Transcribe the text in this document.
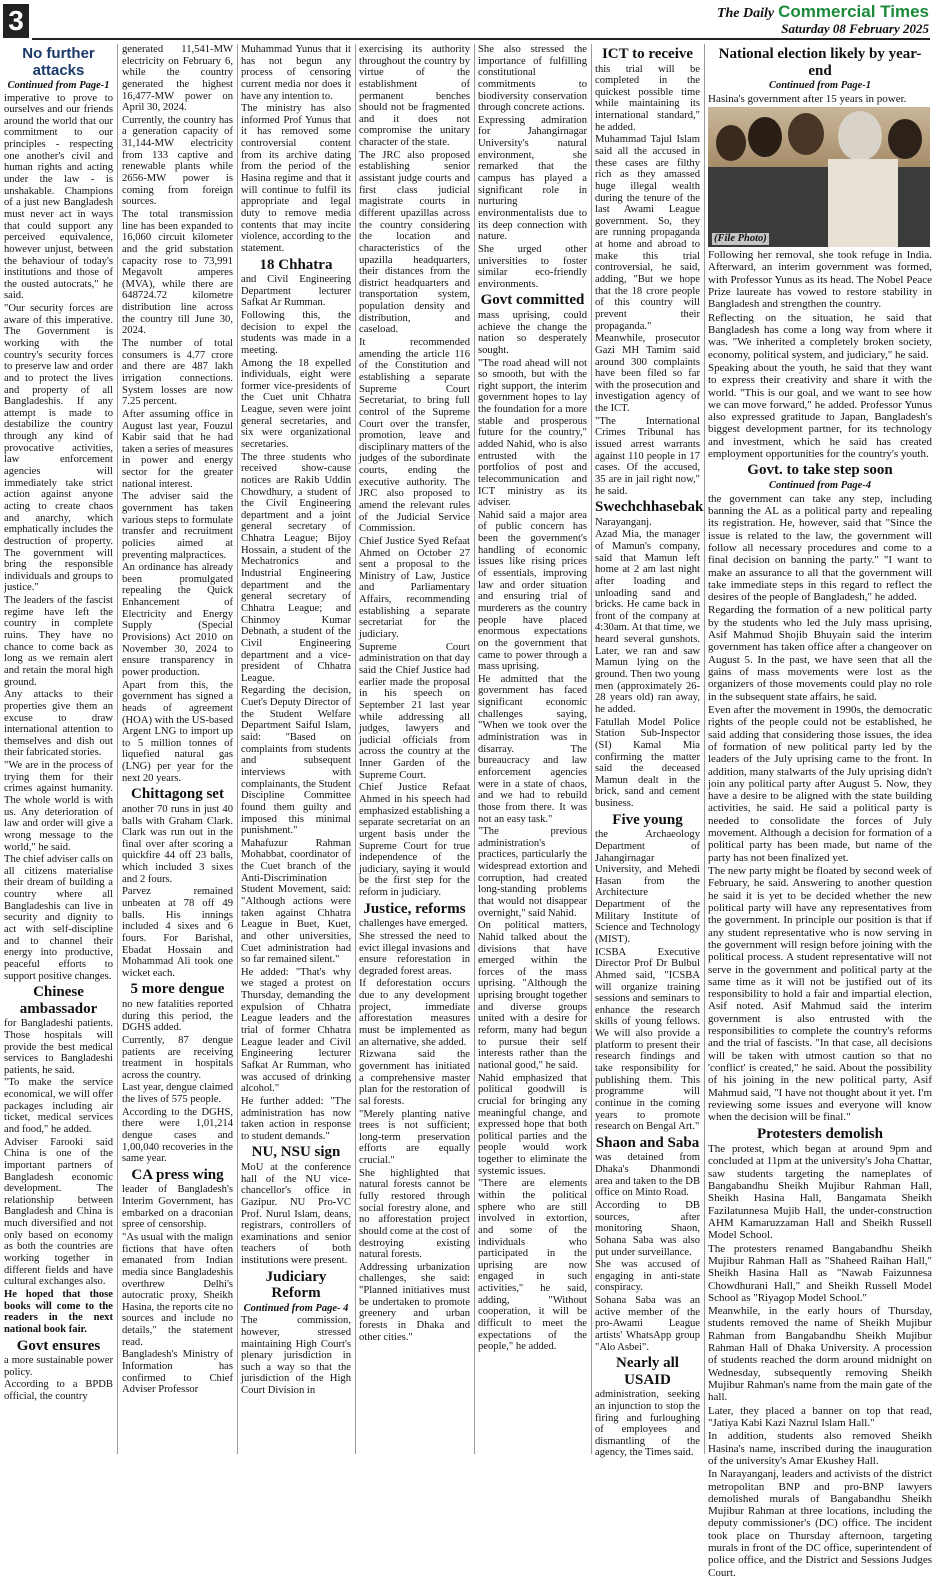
3	The Daily Commercial Times
Saturday 08 February 2025
No further attacks
Continued from Page-1

imperative to prove to ourselves and our friends around the world that our commitment to our principles - respecting one another's civil and human rights and acting under the law - is unshakable. Champions of a just new Bangladesh must never act in ways that could support any perceived equivalence, however unjust, between the behaviour of today's institutions and those of the ousted autocrats," he said.

"Our security forces are aware of this imperative. The Government is working with the country's security forces to preserve law and order and to protect the lives and property of all Bangladeshis. If any attempt is made to destabilize the country through any kind of provocative activities, law enforcement agencies will immediately take strict action against anyone acting to create chaos and anarchy, which emphatically includes the destruction of property. The government will bring the responsible individuals and groups to justice."

The leaders of the fascist regime have left the country in complete ruins. They have no chance to come back as long as we remain alert and retain the moral high ground.

Any attacks to their properties give them an excuse to draw international attention to themselves and dish out their fabricated stories.

"We are in the process of trying them for their crimes against humanity. The whole world is with us. Any deterioration of law and order will give a wrong message to the world," he said.

The chief adviser calls on all citizens materialise their dream of building a country where all Bangladeshis can live in security and dignity to act with self-discipline and to channel their energy into productive, peaceful efforts to support positive changes.

Chinese ambassador

for Bangladeshi patients. Those hospitals will provide the best medical services to Bangladeshi patients, he said.

"To make the service economical, we will offer packages including air ticket, medical services and food," he added.

Adviser Farooki said China is one of the important partners of Bangladesh economic development. The relationship between Bangladesh and China is much diversified and not only based on economy as both the countries are working together in different fields and have cultural exchanges also.

He hoped that those books will come to the readers in the next national book fair.

Govt ensures

a more sustainable power policy.

According to a BPDB official, the country

generated 11,541-MW electricity on February 6, while the country generated the highest 16,477-MW power on April 30, 2024.

Currently, the country has a generation capacity of 31,144-MW electricity from 133 captive and renewable plants while 2656-MW power is coming from foreign sources.

The total transmission line has been expanded to 16,060 circuit kilometer and the grid substation capacity rose to 73,991 Megavolt amperes (MVA), while there are 648724.72 kilometre distribution line across the country till June 30, 2024.

The number of total consumers is 4.77 crore and there are 487 lakh irrigation connections. System losses are now 7.25 percent.

After assuming office in August last year, Fouzul Kabir said that he had taken a series of measures in power and energy sector for the greater national interest.

The adviser said the government has taken various steps to formulate transfer and recruitment policies aimed at preventing malpractices.

An ordinance has already been promulgated repealing the Quick Enhancement of Electricity and Energy Supply (Special Provisions) Act 2010 on November 30, 2024 to ensure transparency in power production.

Apart from this, the government has signed a heads of agreement (HOA) with the US-based Argent LNG to import up to 5 million tonnes of liquefied natural gas (LNG) per year for the next 20 years.

Chittagong set

another 70 runs in just 40 balls with Graham Clark. Clark was run out in the final over after scoring a quickfire 44 off 23 balls, which included 3 sixes and 2 fours.

Parvez remained unbeaten at 78 off 49 balls. His innings included 4 sixes and 6 fours. For Barishal, Ebadat Hossain and Mohammad Ali took one wicket each.

5 more dengue

no new fatalities reported during this period, the DGHS added.

Currently, 87 dengue patients are receiving treatment in hospitals across the country.

Last year, dengue claimed the lives of 575 people.

According to the DGHS, there were 1,01,214 dengue cases and 1,00,040 recoveries in the same year.

CA press wing

leader of Bangladesh's Interim Government, has embarked on a draconian spree of censorship.

"As usual with the malign fictions that have often emanated from Indian media since Bangladeshis overthrew Delhi's autocratic proxy, Sheikh Hasina, the reports cite no sources and include no details," the statement read.

Bangladesh's Ministry of Information has confirmed to Chief Adviser Professor

Muhammad Yunus that it has not begun any process of censoring current media nor does it have any intention to.

The ministry has also informed Prof Yunus that it has removed some controversial content from its archive dating from the period of the Hasina regime and that it will continue to fulfil its appropriate and legal duty to remove media contents that may incite violence, according to the statement.

18 Chhatra

and Civil Engineering Department lecturer Safkat Ar Rumman.

Following this, the decision to expel the students was made in a meeting.

Among the 18 expelled individuals, eight were former vice-presidents of the Cuet unit Chhatra League, seven were joint general secretaries, and six were organizational secretaries.

The three students who received show-cause notices are Rakib Uddin Chowdhury, a student of the Civil Engineering department and a joint general secretary of Chhatra League; Bijoy Hossain, a student of the Mechatronics and Industrial Engineering department and the general secretary of Chhatra League; and Chinmoy Kumar Debnath, a student of the Civil Engineering department and a vice-president of Chhatra League.

Regarding the decision, Cuet's Deputy Director of the Student Welfare Department Saiful Islam, said: "Based on complaints from students and subsequent interviews with complainants, the Student Discipline Committee found them guilty and imposed this minimal punishment."

Mahafuzur Rahman Mohabbat, coordinator of the Cuet branch of the Anti-Discrimination Student Movement, said: "Although actions were taken against Chhatra League in Buet, Kuet, and other universities, Cuet administration had so far remained silent."

He added: "That's why we staged a protest on Thursday, demanding the expulsion of Chhatra League leaders and the trial of former Chhatra League leader and Civil Engineering lecturer Safkat Ar Rumman, who was accused of drinking alcohol."

He further added: "The administration has now taken action in response to student demands."

NU, NSU sign

MoU at the conference hall of the NU vice-chancellor's office in Gazipur. NU Pro-VC Prof. Nurul Islam, deans, registrars, controllers of examinations and senior teachers of both institutions were present.

Judiciary Reform
Continued from Page- 4

The commission, however, stressed maintaining High Court's plenary jurisdiction in such a way so that the jurisdiction of the High Court Division in

exercising its authority throughout the country by virtue of the establishment of permanent benches should not be fragmented and it does not compromise the unitary character of the state.

The JRC also proposed establishing senior assistant judge courts and first class judicial magistrate courts in different upazillas across the country considering the location and characteristics of the upazilla headquarters, their distances from the district headquarters and transportation system, population density and distribution, and caseload.

It recommended amending the article 116 of the Constitution and establishing a separate Supreme Court Secretariat, to bring full control of the Supreme Court over the transfer, promotion, leave and disciplinary matters of the judges of the subordinate courts, ending the executive authority. The JRC also proposed to amend the relevant rules of the Judicial Service Commission.

Chief Justice Syed Refaat Ahmed on October 27 sent a proposal to the Ministry of Law, Justice and Parliamentary Affairs, recommending establishing a separate secretariat for the judiciary.

Supreme Court administration on that day said the Chief Justice had earlier made the proposal in his speech on September 21 last year while addressing all judges, lawyers and judicial officials from across the country at the Inner Garden of the Supreme Court.

Chief Justice Refaat Ahmed in his speech had emphasized establishing a separate secretariat on an urgent basis under the Supreme Court for true independence of the judiciary, saying it would be the first step for the reform in judiciary.

Justice, reforms

challenges have emerged.

She stressed the need to evict illegal invasions and ensure reforestation in degraded forest areas.

If deforestation occurs due to any development project, immediate afforestation measures must be implemented as an alternative, she added.

Rizwana said the government has initiated a comprehensive master plan for the restoration of sal forests.

"Merely planting native trees is not sufficient; long-term preservation efforts are equally crucial."

She highlighted that natural forests cannot be fully restored through social forestry alone, and no afforestation project should come at the cost of destroying existing natural forests.

Addressing urbanization challenges, she said: "Planned initiatives must be undertaken to promote greenery and urban forests in Dhaka and other cities."

She also stressed the importance of fulfilling constitutional commitments to biodiversity conservation through concrete actions.

Expressing admiration for Jahangirnagar University's natural environment, she remarked that the campus has played a significant role in nurturing environmentalists due to its deep connection with nature.

She urged other universities to foster similar eco-friendly environments.

Govt committed

mass uprising, could achieve the change the nation so desperately sought.

"The road ahead will not so smooth, but with the right support, the interim government hopes to lay the foundation for a more stable and prosperous future for the country," added Nahid, who is also entrusted with the portfolios of post and telecommunication and ICT ministry as its adviser.

Nahid said a major area of public concern has been the government's handling of economic issues like rising prices of essentials, improving law and order situation and ensuring trial of murderers as the country people have placed enormous expectations on the government that came to power through a mass uprising.

He admitted that the government has faced significant economic challenges saying, "When we took over the administration was in disarray. The bureaucracy and law enforcement agencies were in a state of chaos, and we had to rebuild those from there. It was not an easy task."

"The previous administration's practices, particularly the widespread extortion and corruption, had created long-standing problems that would not disappear overnight," said Nahid.

On political matters, Nahid talked about the divisions that have emerged within the forces of the mass uprising. "Although the uprising brought together and diverse groups united with a desire for reform, many had begun to pursue their self interests rather than the national good," he said.

Nahid emphasized that political goodwill is crucial for bringing any meaningful change, and expressed hope that both political parties and the people would work together to eliminate the systemic issues.

"There are elements within the political sphere who are still involved in extortion, and some of the individuals who participated in the uprising are now engaged in such activities," he said, adding, "Without cooperation, it will be difficult to meet the expectations of the people," he added.

ICT to receive

this trial will be completed in the quickest possible time while maintaining its international standard," he added.

Muhammad Tajul Islam said all the accused in these cases are filthy rich as they amassed huge illegal wealth during the tenure of the last Awami League government. So, they are running propaganda at home and abroad to make this trial controversial, he said, adding, "But we hope that the 18 crore people of this country will prevent their propaganda."

Meanwhile, prosecutor Gazi MH Tamim said around 300 complaints have been filed so far with the prosecution and investigation agency of the ICT.

"The International Crimes Tribunal has issued arrest warrants against 110 people in 17 cases. Of the accused, 35 are in jail right now," he said.

Swechchhasebak

Narayanganj.

Azad Mia, the manager of Mamun's company, said that Mamun left home at 2 am last night after loading and unloading sand and bricks. He came back in front of the company at 4:30am. At that time, we heard several gunshots. Later, we ran and saw Mamun lying on the ground. Then two young men (approximately 26-28 years old) ran away, he added.

Fatullah Model Police Station Sub-Inspector (SI) Kamal Mia confirming the matter said the deceased Mamun dealt in the brick, sand and cement business.

Five young

the Archaeology Department of Jahangirnagar University, and Mehedi Hasan from the Architecture Department of the Military Institute of Science and Technology (MIST).

ICSBA Executive Director Prof Dr Bulbul Ahmed said, "ICSBA will organize training sessions and seminars to enhance the research skills of young fellows. We will also provide a platform to present their research findings and take responsibility for publishing them. This programme will continue in the coming years to promote research on Bengal Art."

Shaon and Saba

was detained from Dhaka's Dhanmondi area and taken to the DB office on Minto Road.

According to DB sources, after monitoring Shaon, Sohana Saba was also put under surveillance.

She was accused of engaging in anti-state conspiracy.

Sohana Saba was an active member of the pro-Awami League artists' WhatsApp group "Alo Asbei".

Nearly all USAID

administration, seeking an injunction to stop the firing and furloughing of employees and dismantling of the agency, the Times said.

National election likely by year-end
Continued from Page-1

Hasina's government after 15 years in power.

(File Photo)

Following her removal, she took refuge in India. Afterward, an interim government was formed, with Professor Yunus as its head. The Nobel Peace Prize laureate has vowed to restore stability in Bangladesh and strengthen the country.

Reflecting on the situation, he said that Bangladesh has come a long way from where it was. "We inherited a completely broken society, economy, political system, and judiciary," he said.

Speaking about the youth, he said that they want to express their creativity and share it with the world. "This is our goal, and we want to see how we can move forward," he added. Professor Yunus also expressed gratitude to Japan, Bangladesh's biggest development partner, for its technology and investment, which he said has created employment opportunities for the country's youth.

Govt. to take step soon
Continued from Page-4

the government can take any step, including banning the AL as a political party and repealing its registration. He, however, said that "Since the issue is related to the law, the government will follow all necessary procedures and come to a final decision on banning the party." "I want to make an assurance to all that the government will take immediate steps in this regard to reflect the desires of the people of Bangladesh," he added.

Regarding the formation of a new political party by the students who led the July mass uprising, Asif Mahmud Shojib Bhuyain said the interim government has taken office after a changeover on August 5. In the past, we have seen that all the gains of mass movements were lost as the organizers of those movements could play no role in the subsequent state affairs, he said.

Even after the movement in 1990s, the democratic rights of the people could not be established, he said adding that considering those issues, the idea of formation of new political party led by the leaders of the July uprising came to the front. In addition, many stalwarts of the July uprising didn't join any political party after August 5. Now, they have a desire to be aligned with the state building activities, he said. He said a political party is needed to consolidate the forces of July movement. Although a decision for formation of a political party has been made, but name of the party has not been finalized yet.

The new party might be floated by second week of February, he said. Answering to another question he said it is yet to be decided whether the new political party will have any representatives from the government. In principle our position is that if any student representative who is now serving in the government will resign before joining with the political process. A student representative will not serve in the government and political party at the same time as it will not be justified out of its responsibility to hold a fair and impartial election, Asif noted. Asif Mahmud said the interim government is also entrusted with the responsibilities to complete the country's reforms and the trial of fascists. "In that case, all decisions will be taken with utmost caution so that no 'conflict' is created," he said. About the possibility of his joining in the new political party, Asif Mahmud said, "I have not thought about it yet. I'm reviewing some issues and everyone will know when the decision will be final."

Protesters demolish

The protest, which began at around 9pm and concluded at 11pm at the university's Joha Chattar, saw students targeting the nameplates of Bangabandhu Sheikh Mujibur Rahman Hall, Sheikh Hasina Hall, Bangamata Sheikh Fazilatunnesa Mujib Hall, the under-construction AHM Kamaruzzaman Hall and Sheikh Russell Model School.

The protesters renamed Bangabandhu Sheikh Mujibur Rahman Hall as "Shaheed Raihan Hall," Sheikh Hasina Hall as "Nawab Faizunnesa Chowdhurani Hall," and Sheikh Russell Model School as "Riyagop Model School."

Meanwhile, in the early hours of Thursday, students removed the name of Sheikh Mujibur Rahman from Bangabandhu Sheikh Mujibur Rahman Hall of Dhaka University. A procession of students reached the dorm around midnight on Wednesday, subsequently removing Sheikh Mujibur Rahman's name from the main gate of the hall.

Later, they placed a banner on top that read, "Jatiya Kabi Kazi Nazrul Islam Hall."

In addition, students also removed Sheikh Hasina's name, inscribed during the inauguration of the university's Amar Ekushey Hall.

In Narayanganj, leaders and activists of the district metropolitan BNP and pro-BNP lawyers demolished murals of Bangabandhu Sheikh Mujibur Rahman at three locations, including the deputy commissioner's (DC) office. The incident took place on Thursday afternoon, targeting murals in front of the DC office, superintendent of police office, and the District and Sessions Judges Court.
